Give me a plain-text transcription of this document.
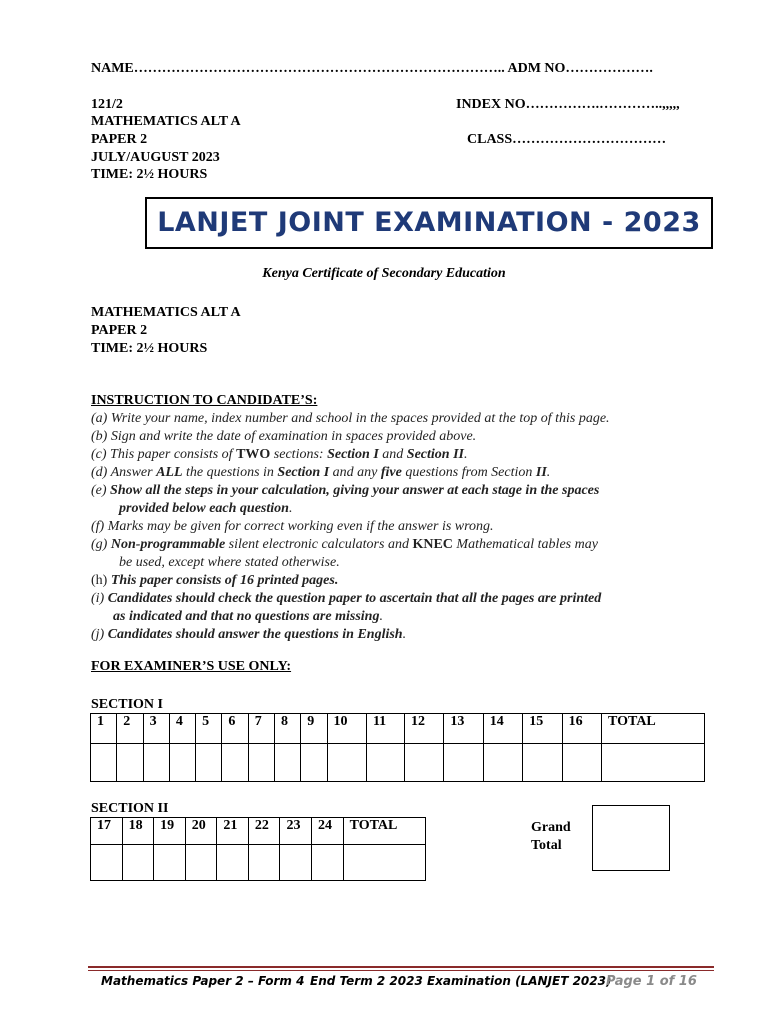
NAME…………………………………………………………………….. ADM NO……………….
121/2	INDEX NO…………….…………..,,,,,
MATHEMATICS ALT A
PAPER 2	CLASS……………………………
JULY/AUGUST 2023
TIME: 2½ HOURS
LANJET JOINT EXAMINATION - 2023
Kenya Certificate of Secondary Education
MATHEMATICS ALT A
PAPER 2
TIME: 2½ HOURS
INSTRUCTION TO CANDIDATE’S:
(a) Write your name, index number and school in the spaces provided at the top of this page.
(b) Sign and write the date of examination in spaces provided above.
(c) This paper consists of TWO sections: Section I and Section II.
(d) Answer ALL the questions in Section I and any five questions from Section II.
(e) Show all the steps in your calculation, giving your answer at each stage in the spaces
provided below each question.
(f) Marks may be given for correct working even if the answer is wrong.
(g) Non-programmable silent electronic calculators and KNEC Mathematical tables may
be used, except where stated otherwise.
(h) This paper consists of 16 printed pages.
(i) Candidates should check the question paper to ascertain that all the pages are printed
as indicated and that no questions are missing.
(j) Candidates should answer the questions in English.
FOR EXAMINER’S USE ONLY:
SECTION I
1	2	3	4	5	6	7	8	9	10	11	12	13	14	15	16	TOTAL

SECTION II
17	18	19	20	21	22	23	24	TOTAL
									Grand
Total
Mathematics Paper 2 – Form 4 End Term 2 2023 Examination (LANJET 2023)
Page 1 of 16
